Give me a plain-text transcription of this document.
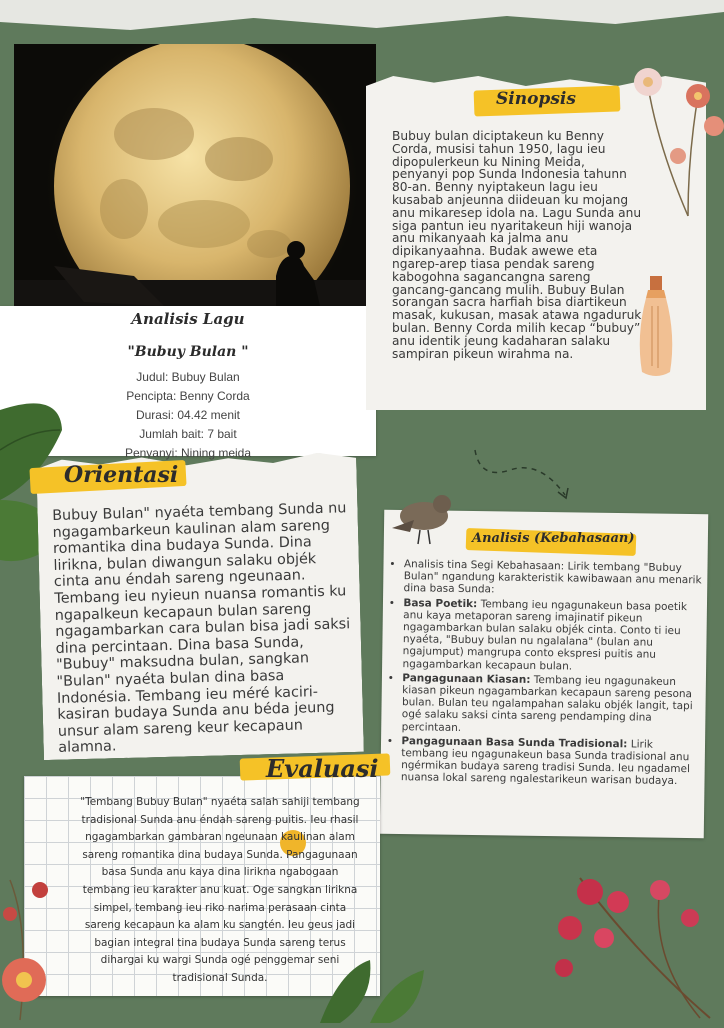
Analisis Lagu
"Bubuy Bulan "
Judul: Bubuy Bulan
Pencipta: Benny Corda
Durasi: 04.42 menit
Jumlah bait: 7 bait
Penyanyi: Nining meida
Sinopsis
Bubuy bulan diciptakeun ku Benny Corda, musisi tahun 1950, lagu ieu dipopulerkeun ku Nining Meida, penyanyi pop Sunda Indonesia tahunn 80-an. Benny nyiptakeun lagu ieu kusabab anjeunna diideuan ku mojang anu mikaresep idola na. Lagu Sunda anu siga pantun ieu nyaritakeun hiji wanoja anu mikanyaah ka jalma anu dipikanyaahna. Budak awewe eta ngarep-arep tiasa pendak sareng kabogohna sagancangna sareng gancang-gancang mulih. Bubuy Bulan sorangan sacra harfiah bisa diartikeun masak, kukusan, masak atawa ngaduruk bulan. Benny Corda milih kecap “bubuy” anu identik jeung kadaharan salaku sampiran pikeun wirahma na.
Orientasi
Bubuy Bulan" nyaéta tembang Sunda nu ngagambarkeun kaulinan alam sareng romantika dina budaya Sunda. Dina lirikna, bulan diwangun salaku objék cinta anu éndah sareng ngeunaan. Tembang ieu nyieun nuansa romantis ku ngapalkeun kecapaun bulan sareng ngagambarkan cara bulan bisa jadi saksi dina percintaan. Dina basa Sunda, "Bubuy" maksudna bulan, sangkan "Bulan" nyaéta bulan dina basa Indonésia. Tembang ieu méré kaciri-kasiran budaya Sunda anu béda jeung unsur alam sareng keur kecapaun alamna.
Analisis (Kebahasaan)
• Analisis tina Segi Kebahasaan: Lirik tembang "Bubuy Bulan" ngandung karakteristik kawibawaan anu menarik dina basa Sunda:
• Basa Poetik: Tembang ieu ngagunakeun basa poetik anu kaya metaporan sareng imajinatif pikeun ngagambarkan bulan salaku objék cinta. Conto ti ieu nyaéta, "Bubuy bulan nu ngalalana" (bulan anu ngajumput) mangrupa conto ekspresi puitis anu ngagambarkan kecapaun bulan.
• Pangagunaan Kiasan: Tembang ieu ngagunakeun kiasan pikeun ngagambarkan kecapaun sareng pesona bulan. Bulan teu ngalampahan salaku objék langit, tapi ogé salaku saksi cinta sareng pendamping dina percintaan.
• Pangagunaan Basa Sunda Tradisional: Lirik tembang ieu ngagunakeun basa Sunda tradisional anu ngérmikan budaya sareng tradisi Sunda. Ieu ngadamel nuansa lokal sareng ngalestarikeun warisan budaya.
Evaluasi
"Tembang Bubuy Bulan" nyaéta salah sahiji tembang tradisional Sunda anu éndah sareng puitis. Ieu rhasil ngagambarkan gambaran ngeunaan kaulinan alam sareng romantika dina budaya Sunda. Pangagunaan basa Sunda anu kaya dina lirikna ngabogaan tembang ieu karakter anu kuat. Oge sangkan lirikna simpel, tembang ieu riko narima perasaan cinta sareng kecapaun ka alam ku sangtén. Ieu geus jadi bagian integral tina budaya Sunda sareng terus dihargai ku wargi Sunda ogé penggemar seni tradisional Sunda.
